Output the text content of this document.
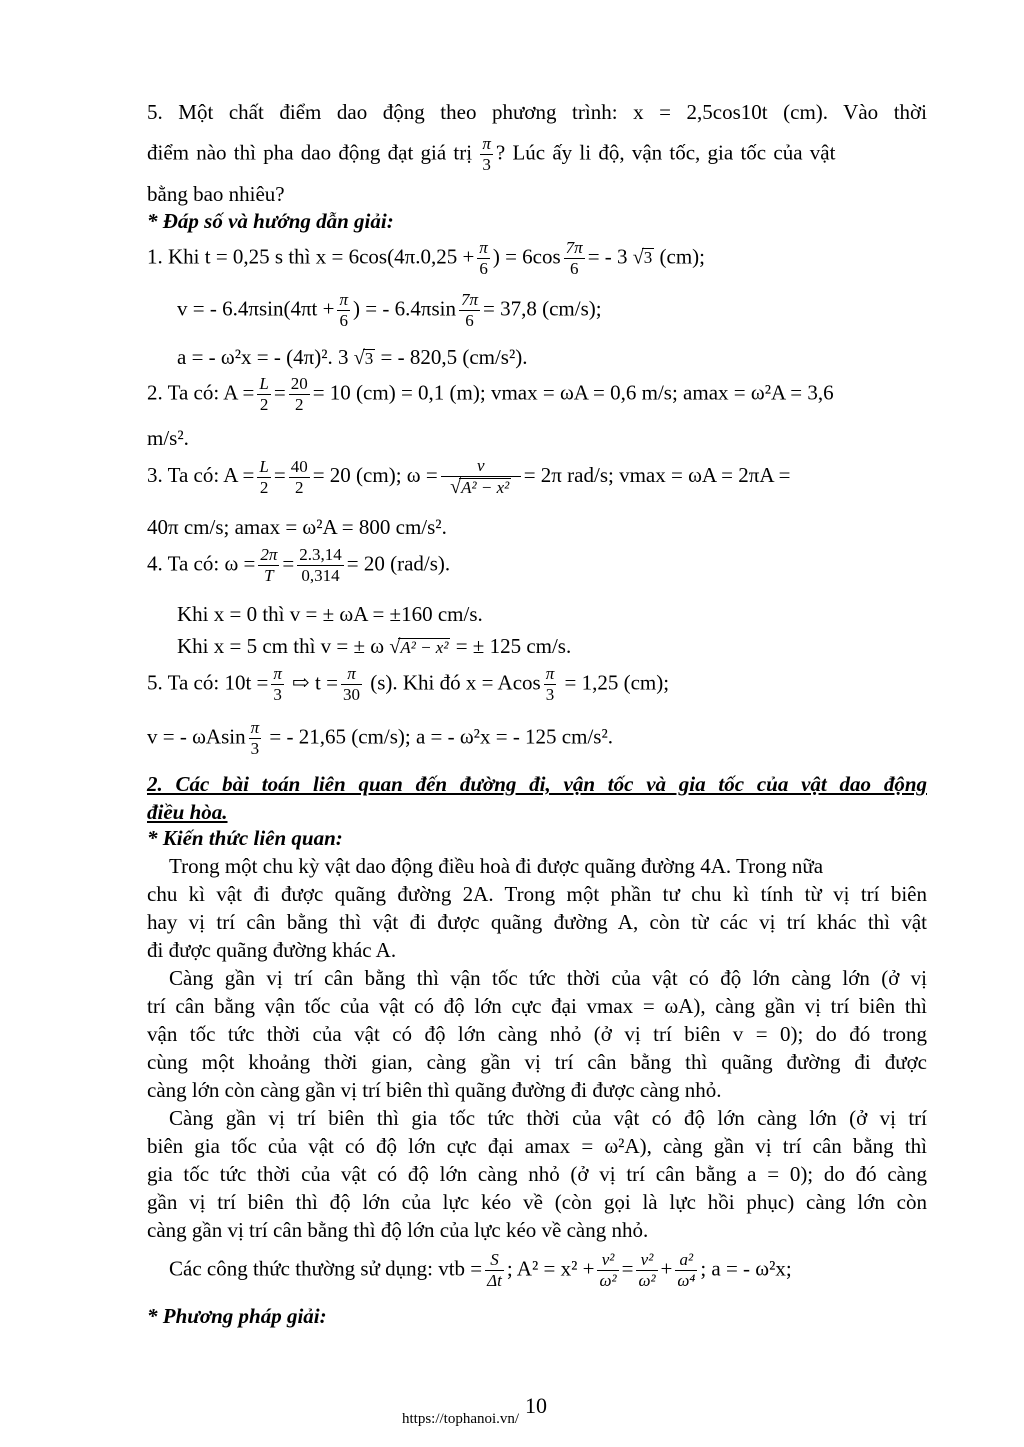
5. Một chất điểm dao động theo phương trình: x = 2,5cos10t (cm). Vào thời
điểm nào thì pha dao động đạt giá trị $\frac{\pi}{3}$ ? Lúc ấy li độ, vận tốc, gia tốc của vật
bằng bao nhiêu?
* Đáp số và hướng dẫn giải:
1. Khi t = 0,25 s thì $x = 6\cos(4\pi.0,25 + \frac{\pi}{6}$ ) = $6\cos \frac{7\pi}{6}$ = - 3 √3 (cm);
v = - $6.4\pi\sin(4\pi t + \frac{\pi}{6}$ ) = - $6.4\pi\sin \frac{7\pi}{6} = 37,8$ (cm/s);
a = - ω²x = - (4π)². 3 √3 = - 820,5 (cm/s²).
2. Ta có: $A = \frac{L}{2} = \frac{20}{2} = 10$ (cm) = 0,1 (m); vmax = ωA = 0,6 m/s; amax = ω²A = 3,6
m/s².
3. Ta có: $A = \frac{L}{2} = \frac{40}{2} = 20$ (cm); $\omega = \frac{v}{\text{√A² − x²}} = 2\pi$ rad/s; vmax = ωA = 2πA =
40π cm/s; amax = ω²A = 800 cm/s².
4. Ta có: $\omega = \frac{2\pi}{T} = \frac{2.3,14}{0,314} = 20$ (rad/s).
Khi x = 0 thì v = ± ωA = ±160 cm/s.
Khi x = 5 cm thì v = ± ω √A² − x² = ± 125 cm/s.
5. Ta có: $10t = \frac{\pi}{3}$ ⇨ $t = \frac{\pi}{30} (s)$. Khi đó x = Acos $\frac{\pi}{3} = 1,25$ (cm);
v = - ωAsin $\frac{\pi}{3}$ = - 21,65 (cm/s); a = - ω²x = - 125 cm/s².
2. Các bài toán liên quan đến đường đi, vận tốc và gia tốc của vật dao động
điều hòa.
* Kiến thức liên quan:
Trong một chu kỳ vật dao động điều hoà đi được quãng đường 4A. Trong nữa
chu kì vật đi được quãng đường 2A. Trong một phần tư chu kì tính từ vị trí biên
hay vị trí cân bằng thì vật đi được quãng đường A, còn từ các vị trí khác thì vật
đi được quãng đường khác A.
Càng gần vị trí cân bằng thì vận tốc tức thời của vật có độ lớn càng lớn (ở vị
trí cân bằng vận tốc của vật có độ lớn cực đại vmax = ωA), càng gần vị trí biên thì
vận tốc tức thời của vật có độ lớn càng nhỏ (ở vị trí biên v = 0); do đó trong
cùng một khoảng thời gian, càng gần vị trí cân bằng thì quãng đường đi được
càng lớn còn càng gần vị trí biên thì quãng đường đi được càng nhỏ.
Càng gần vị trí biên thì gia tốc tức thời của vật có độ lớn càng lớn (ở vị trí
biên gia tốc của vật có độ lớn cực đại amax = ω²A), càng gần vị trí cân bằng thì
gia tốc tức thời của vật có độ lớn càng nhỏ (ở vị trí cân bằng a = 0); do đó càng
gần vị trí biên thì độ lớn của lực kéo về (còn gọi là lực hồi phục) càng lớn còn
càng gần vị trí cân bằng thì độ lớn của lực kéo về càng nhỏ.
Các công thức thường sử dụng: vtb = $\frac{S}{\Delta t}$ ; $A^2 = x^2 + \frac{\text{v²}}{\text{ω²}} = \frac{\text{v²}}{\text{ω²}} + \frac{\text{a²}}{\text{ω⁴}}$ ; a = - ω²x;
* Phương pháp giải:
10
https://tophanoi.vn/
